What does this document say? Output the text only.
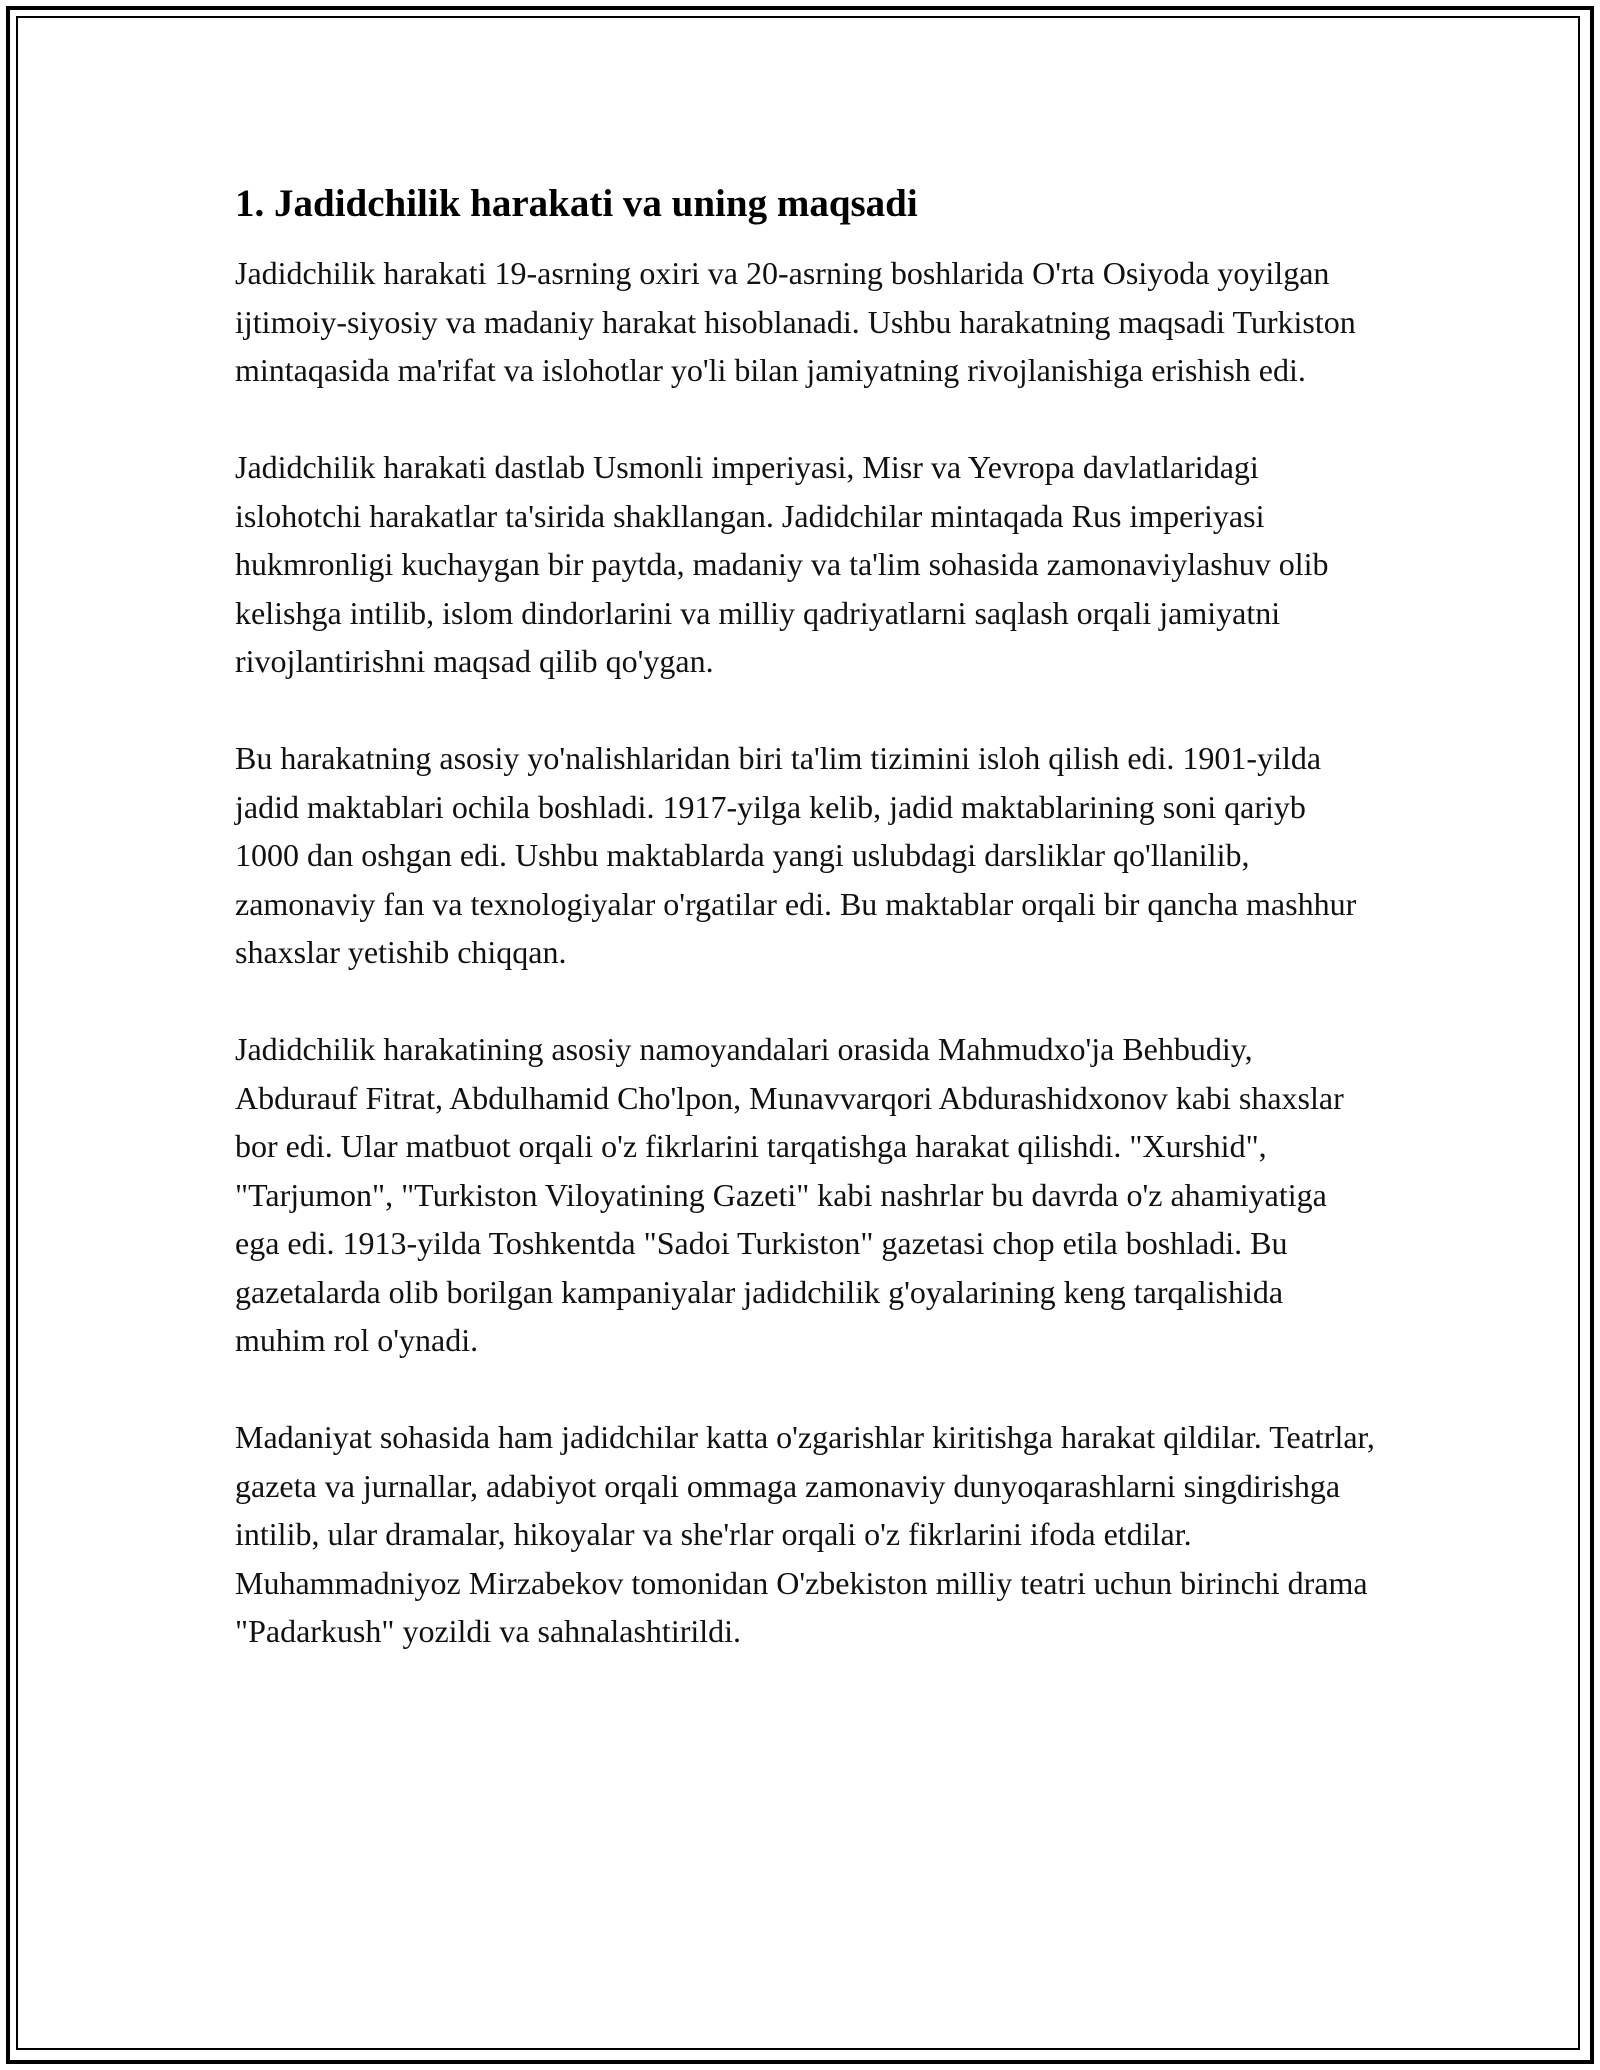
1. Jadidchilik harakati va uning maqsadi

Jadidchilik harakati 19-asrning oxiri va 20-asrning boshlarida O'rta Osiyoda yoyilgan ijtimoiy-siyosiy va madaniy harakat hisoblanadi. Ushbu harakatning maqsadi Turkiston mintaqasida ma'rifat va islohotlar yo'li bilan jamiyatning rivojlanishiga erishish edi.

Jadidchilik harakati dastlab Usmonli imperiyasi, Misr va Yevropa davlatlaridagi islohotchi harakatlar ta'sirida shakllangan. Jadidchilar mintaqada Rus imperiyasi hukmronligi kuchaygan bir paytda, madaniy va ta'lim sohasida zamonaviylashuv olib kelishga intilib, islom dindorlarini va milliy qadriyatlarni saqlash orqali jamiyatni rivojlantirishni maqsad qilib qo'ygan.

Bu harakatning asosiy yo'nalishlaridan biri ta'lim tizimini isloh qilish edi. 1901-yilda jadid maktablari ochila boshladi. 1917-yilga kelib, jadid maktablarining soni qariyb 1000 dan oshgan edi. Ushbu maktablarda yangi uslubdagi darsliklar qo'llanilib, zamonaviy fan va texnologiyalar o'rgatilar edi. Bu maktablar orqali bir qancha mashhur shaxslar yetishib chiqqan.

Jadidchilik harakatining asosiy namoyandalari orasida Mahmudxo'ja Behbudiy, Abdurauf Fitrat, Abdulhamid Cho'lpon, Munavvarqori Abdurashidxonov kabi shaxslar bor edi. Ular matbuot orqali o'z fikrlarini tarqatishga harakat qilishdi. "Xurshid", "Tarjumon", "Turkiston Viloyatining Gazeti" kabi nashrlar bu davrda o'z ahamiyatiga ega edi. 1913-yilda Toshkentda "Sadoi Turkiston" gazetasi chop etila boshladi. Bu gazetalarda olib borilgan kampaniyalar jadidchilik g'oyalarining keng tarqalishida muhim rol o'ynadi.

Madaniyat sohasida ham jadidchilar katta o'zgarishlar kiritishga harakat qildilar. Teatrlar, gazeta va jurnallar, adabiyot orqali ommaga zamonaviy dunyoqarashlarni singdirishga intilib, ular dramalar, hikoyalar va she'rlar orqali o'z fikrlarini ifoda etdilar. Muhammadniyoz Mirzabekov tomonidan O'zbekiston milliy teatri uchun birinchi drama "Padarkush" yozildi va sahnalashtirildi.
